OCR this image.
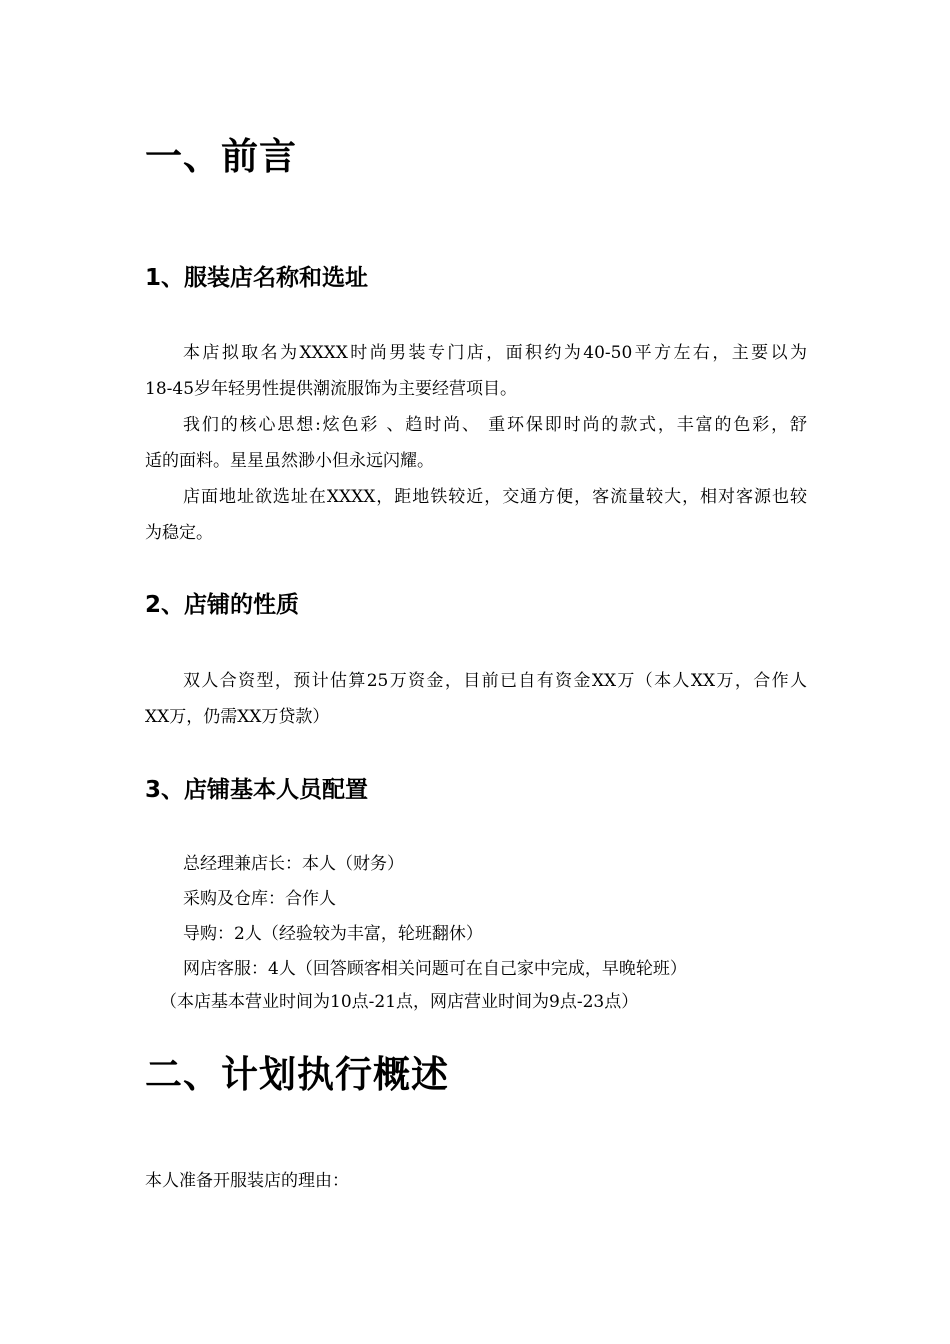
一、前言
1、服装店名称和选址
本店拟取名为XXXX时尚男装专门店，面积约为40-50平方左右，主要以为
18-45岁年轻男性提供潮流服饰为主要经营项目。
我们的核心思想:炫色彩 、趋时尚、 重环保即时尚的款式，丰富的色彩，舒
适的面料。星星虽然渺小但永远闪耀。
店面地址欲选址在XXXX，距地铁较近，交通方便，客流量较大，相对客源也较
为稳定。
2、店铺的性质
双人合资型，预计估算25万资金，目前已自有资金XX万（本人XX万，合作人
XX万，仍需XX万贷款）
3、店铺基本人员配置
总经理兼店长：本人（财务）
采购及仓库：合作人
导购：2人（经验较为丰富，轮班翻休）
网店客服：4人（回答顾客相关问题可在自己家中完成，早晚轮班）
（本店基本营业时间为10点-21点，网店营业时间为9点-23点）
二、计划执行概述
本人准备开服装店的理由：
